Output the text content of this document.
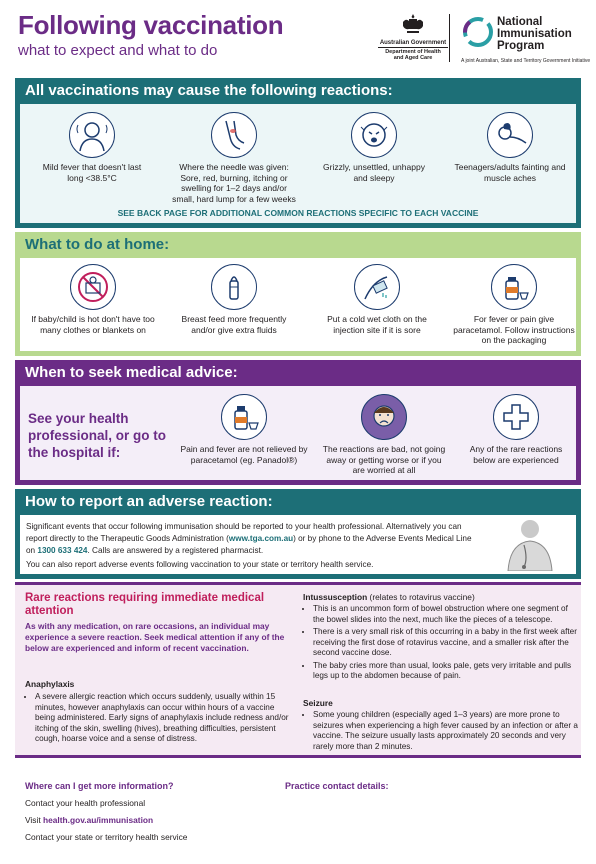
Following vaccination
what to expect and what to do	Australian Government
Department of Health
and Aged Care
National
Immunisation
Program
A joint Australian, State and Territory Government Initiative
All vaccinations may cause the following reactions:
Mild fever that doesn't last long <38.5°C
Where the needle was given: Sore, red, burning, itching or swelling for 1–2 days and/or small, hard lump for a few weeks
Grizzly, unsettled, unhappy and sleepy
Teenagers/adults fainting and muscle aches
SEE BACK PAGE FOR ADDITIONAL COMMON REACTIONS SPECIFIC TO EACH VACCINE
What to do at home:
If baby/child is hot don't have too many clothes or blankets on
Breast feed more frequently and/or give extra fluids
Put a cold wet cloth on the injection site if it is sore
For fever or pain give paracetamol. Follow instructions on the packaging
When to seek medical advice:
See your health professional, or go to the hospital if:	Pain and fever are not relieved by paracetamol (eg. Panadol®)
The reactions are bad, not going away or getting worse or if you are worried at all
Any of the rare reactions below are experienced
How to report an adverse reaction:

Significant events that occur following immunisation should be reported to your health professional. Alternatively you can report directly to the Therapeutic Goods Administration (www.tga.com.au) or by phone to the Adverse Events Medical Line on 1300 633 424. Calls are answered by a registered pharmacist.

You can also report adverse events following vaccination to your state or territory health service.

Rare reactions requiring immediate medical attention
As with any medication, on rare occasions, an individual may experience a severe reaction. Seek medical attention if any of the below are experienced and inform of recent vaccination.
Anaphylaxis
• A severe allergic reaction which occurs suddenly, usually within 15 minutes, however anaphylaxis can occur within hours of a vaccine being administered. Early signs of anaphylaxis include redness and/or itching of the skin, swelling (hives), breathing difficulties, persistent cough, hoarse voice and a sense of distress.
Intussusception (relates to rotavirus vaccine)
• This is an uncommon form of bowel obstruction where one segment of the bowel slides into the next, much like the pieces of a telescope.
• There is a very small risk of this occurring in a baby in the first week after receiving the first dose of rotavirus vaccine, and a smaller risk after the second vaccine dose.
• The baby cries more than usual, looks pale, gets very irritable and pulls legs up to the abdomen because of pain.
Seizure
• Some young children (especially aged 1–3 years) are more prone to seizures when experiencing a high fever caused by an infection or after a vaccine. The seizure usually lasts approximately 20 seconds and very rarely more than 2 minutes.
Where can I get more information?
Contact your health professional
Visit health.gov.au/immunisation
Contact your state or territory health service
Practice contact details:
